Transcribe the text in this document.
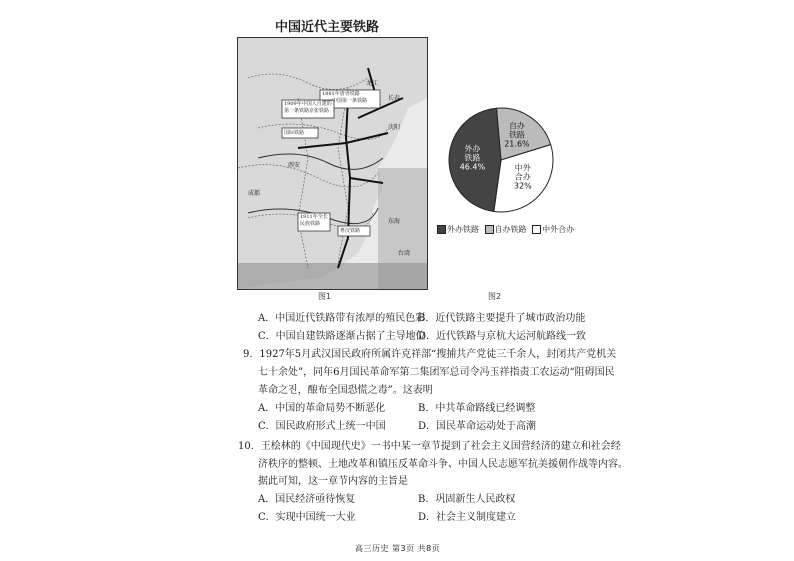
中国近代主要铁路
1881年唐胥铁路
——中国第一条铁路
1909年中国人自建的
第一条铁路京张铁路
国际铁路
1911年全长
民族铁路
粤汉铁路
龙江
长春
沈阳
成都
西安
东海
台湾
图1	图2
自办
铁路
21.6%
中外
合办
32%
外办
铁路
46.4%
外办铁路 自办铁路 中外合办
A．中国近代铁路带有浓厚的殖民色彩
B．近代铁路主要提升了城市政治功能
C．中国自建铁路逐渐占据了主导地位
D．近代铁路与京杭大运河航路线一致
9．1927年5月武汉国民政府所属许克祥部“搜捕共产党徒三千余人，封闭共产党机关
七十余处”，同年6月国民革命军第二集团军总司令冯玉祥指责工农运动“阻碍国民
革命之진，酿布全国恐慌之毒”。这表明
A．中国的革命局势不断恶化	B．中共革命路线已经调整
C．国民政府形式上统一中国	D．国民革命运动处于高潮
10．王桧林的《中国现代史》一书中某一章节提到了社会主义国营经济的建立和社会经
济秩序的整顿、土地改革和镇压反革命斗争、中国人民志愿军抗美援朝作战等内容。
据此可知，这一章节内容的主旨是
A．国民经济亟待恢复	B．巩固新生人民政权
C．实现中国统一大业	D．社会主义制度建立
高三历史 第3页 共8页
